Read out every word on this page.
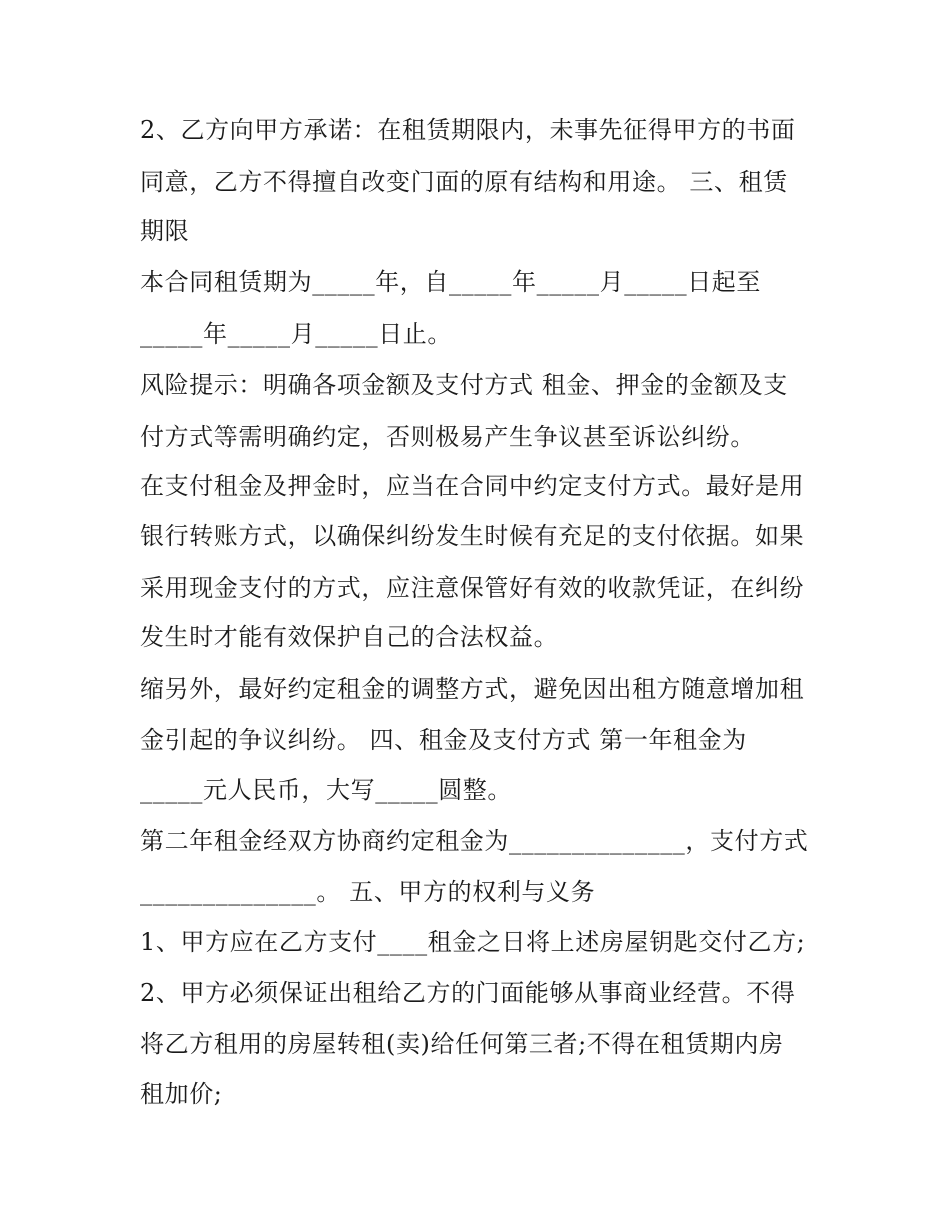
2、乙方向甲方承诺：在租赁期限内，未事先征得甲方的书面
同意，乙方不得擅自改变门面的原有结构和用途。 三、租赁
期限
本合同租赁期为_____年，自_____年_____月_____日起至
_____年_____月_____日止。
风险提示：明确各项金额及支付方式 租金、押金的金额及支
付方式等需明确约定，否则极易产生争议甚至诉讼纠纷。
在支付租金及押金时，应当在合同中约定支付方式。最好是用
银行转账方式，以确保纠纷发生时候有充足的支付依据。如果
采用现金支付的方式，应注意保管好有效的收款凭证，在纠纷
发生时才能有效保护自己的合法权益。
缩另外，最好约定租金的调整方式，避免因出租方随意增加租
金引起的争议纠纷。 四、租金及支付方式 第一年租金为
_____元人民币，大写_____圆整。
第二年租金经双方协商约定租金为______________，支付方式
______________。 五、甲方的权利与义务
1、甲方应在乙方支付____租金之日将上述房屋钥匙交付乙方;
2、甲方必须保证出租给乙方的门面能够从事商业经营。不得
将乙方租用的房屋转租(卖)给任何第三者;不得在租赁期内房
租加价;
